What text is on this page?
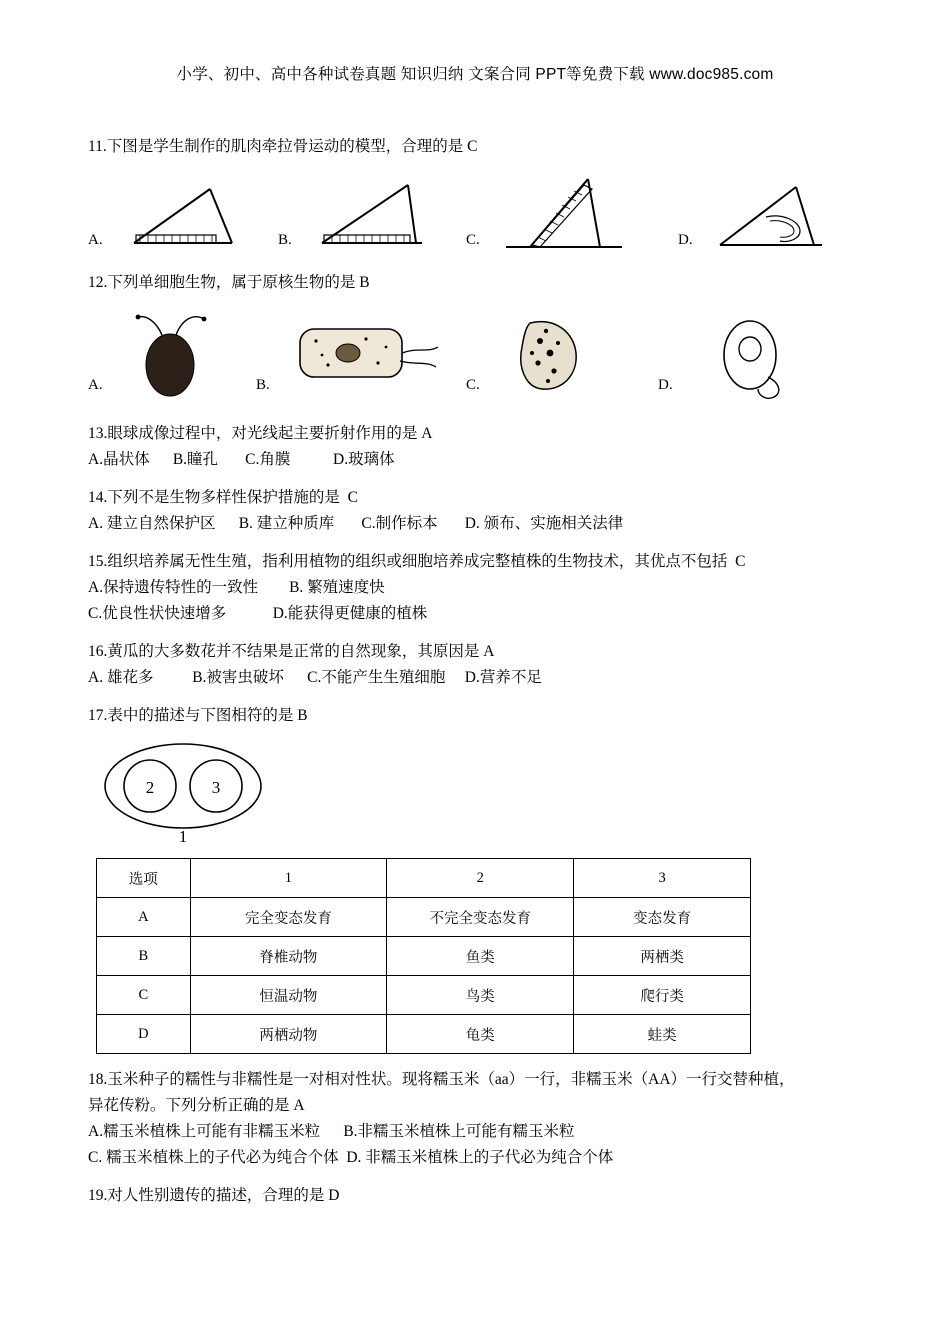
小学、初中、高中各种试卷真题 知识归纳 文案合同 PPT等免费下载 www.doc985.com

11.下图是学生制作的肌肉牵拉骨运动的模型，合理的是 C

A.	B.	C.	D.

12.下列单细胞生物，属于原核生物的是 B

A.	B.	C.	D.

13.眼球成像过程中，对光线起主要折射作用的是 A

A.晶状体      B.瞳孔       C.角膜           D.玻璃体

14.下列不是生物多样性保护措施的是  C

A. 建立自然保护区      B. 建立种质库       C.制作标本       D. 颁布、实施相关法律

15.组织培养属无性生殖，指利用植物的组织或细胞培养成完整植株的生物技术，其优点不包括  C

A.保持遗传特性的一致性        B. 繁殖速度快

C.优良性状快速增多            D.能获得更健康的植株

16.黄瓜的大多数花并不结果是正常的自然现象，其原因是 A

A. 雄花多          B.被害虫破坏      C.不能产生生殖细胞     D.营养不足

17.表中的描述与下图相符的是 B

2	3
1
选项	1	2	3
A	完全变态发育	不完全变态发育	变态发育
B	脊椎动物	鱼类	两栖类
C	恒温动物	鸟类	爬行类
D	两栖动物	龟类	蛙类

18.玉米种子的糯性与非糯性是一对相对性状。现将糯玉米（aa）一行，非糯玉米（AA）一行交替种植，

异花传粉。下列分析正确的是 A

A.糯玉米植株上可能有非糯玉米粒      B.非糯玉米植株上可能有糯玉米粒

C. 糯玉米植株上的子代必为纯合个体  D. 非糯玉米植株上的子代必为纯合个体

19.对人性别遗传的描述，合理的是 D
